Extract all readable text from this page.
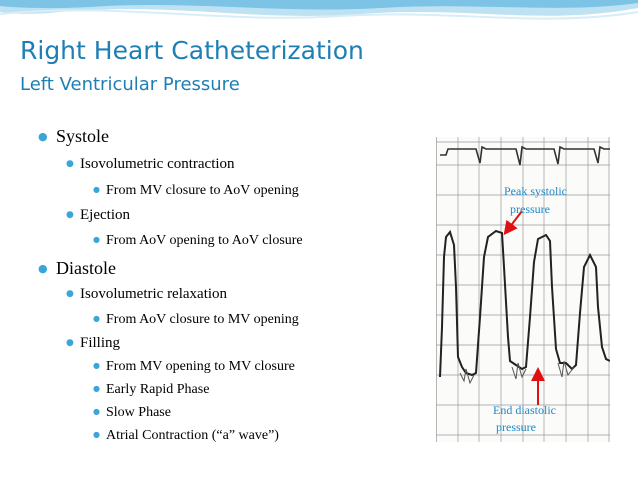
Right Heart Catheterization
Left Ventricular Pressure
● Systole
● Isovolumetric contraction
● From MV closure to AoV opening
● Ejection
● From AoV opening to AoV closure
● Diastole
● Isovolumetric relaxation
● From AoV closure to MV opening
● Filling
● From MV opening to MV closure
● Early Rapid Phase
● Slow Phase
● Atrial Contraction (“a” wave”)
Peak systolic
pressure
End diastolic
pressure
